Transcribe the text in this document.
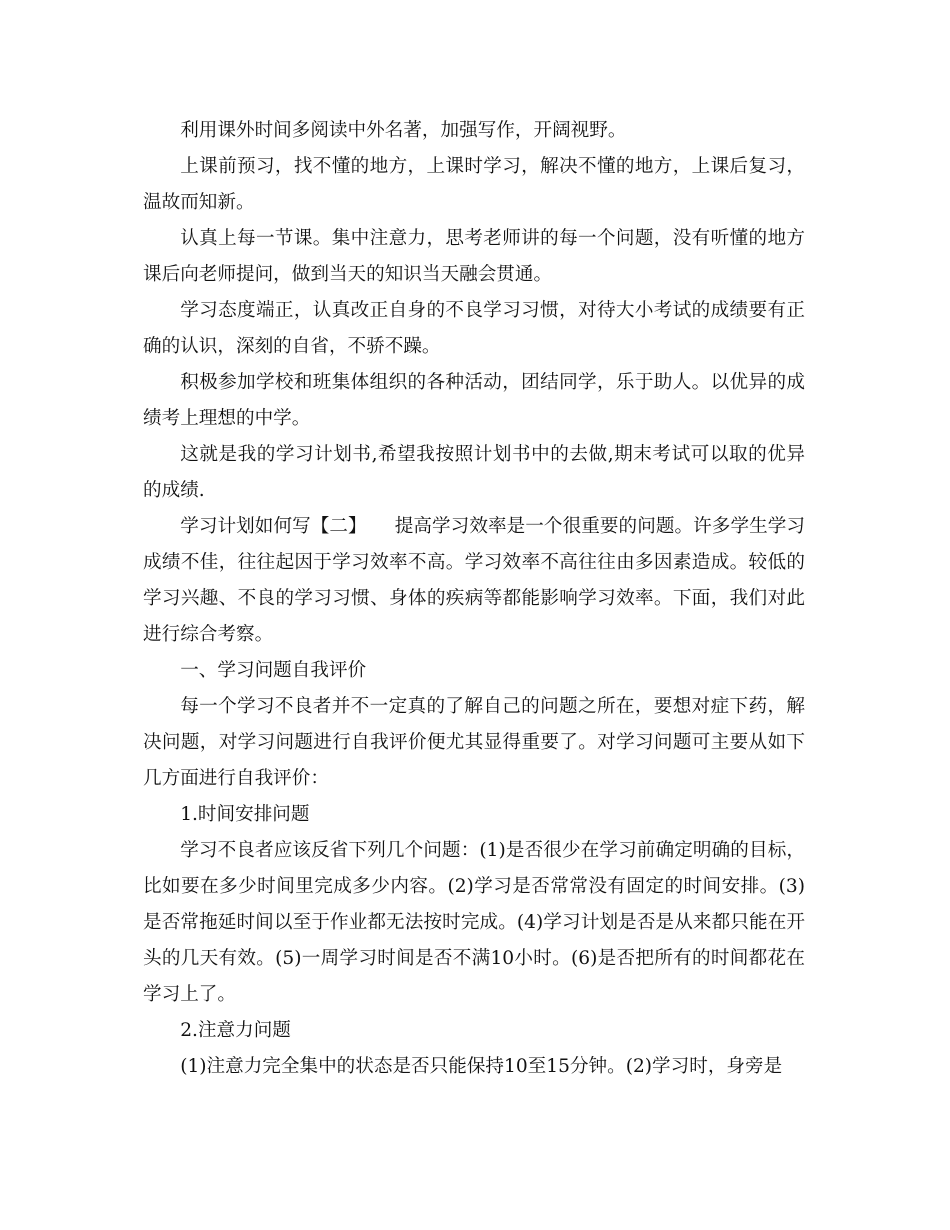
利用课外时间多阅读中外名著，加强写作，开阔视野。

上课前预习，找不懂的地方，上课时学习，解决不懂的地方，上课后复习，温故而知新。

认真上每一节课。集中注意力，思考老师讲的每一个问题，没有听懂的地方课后向老师提问，做到当天的知识当天融会贯通。

学习态度端正，认真改正自身的不良学习习惯，对待大小考试的成绩要有正确的认识，深刻的自省，不骄不躁。

积极参加学校和班集体组织的各种活动，团结同学，乐于助人。以优异的成绩考上理想的中学。

这就是我的学习计划书,希望我按照计划书中的去做,期末考试可以取的优异的成绩.

学习计划如何写【二】　　提高学习效率是一个很重要的问题。许多学生学习成绩不佳，往往起因于学习效率不高。学习效率不高往往由多因素造成。较低的学习兴趣、不良的学习习惯、身体的疾病等都能影响学习效率。下面，我们对此进行综合考察。

一、学习问题自我评价

每一个学习不良者并不一定真的了解自己的问题之所在，要想对症下药，解决问题，对学习问题进行自我评价便尤其显得重要了。对学习问题可主要从如下几方面进行自我评价：

1.时间安排问题

学习不良者应该反省下列几个问题：(1)是否很少在学习前确定明确的目标，比如要在多少时间里完成多少内容。(2)学习是否常常没有固定的时间安排。(3)是否常拖延时间以至于作业都无法按时完成。(4)学习计划是否是从来都只能在开头的几天有效。(5)一周学习时间是否不满10小时。(6)是否把所有的时间都花在学习上了。

2.注意力问题

(1)注意力完全集中的状态是否只能保持10至15分钟。(2)学习时，身旁是
